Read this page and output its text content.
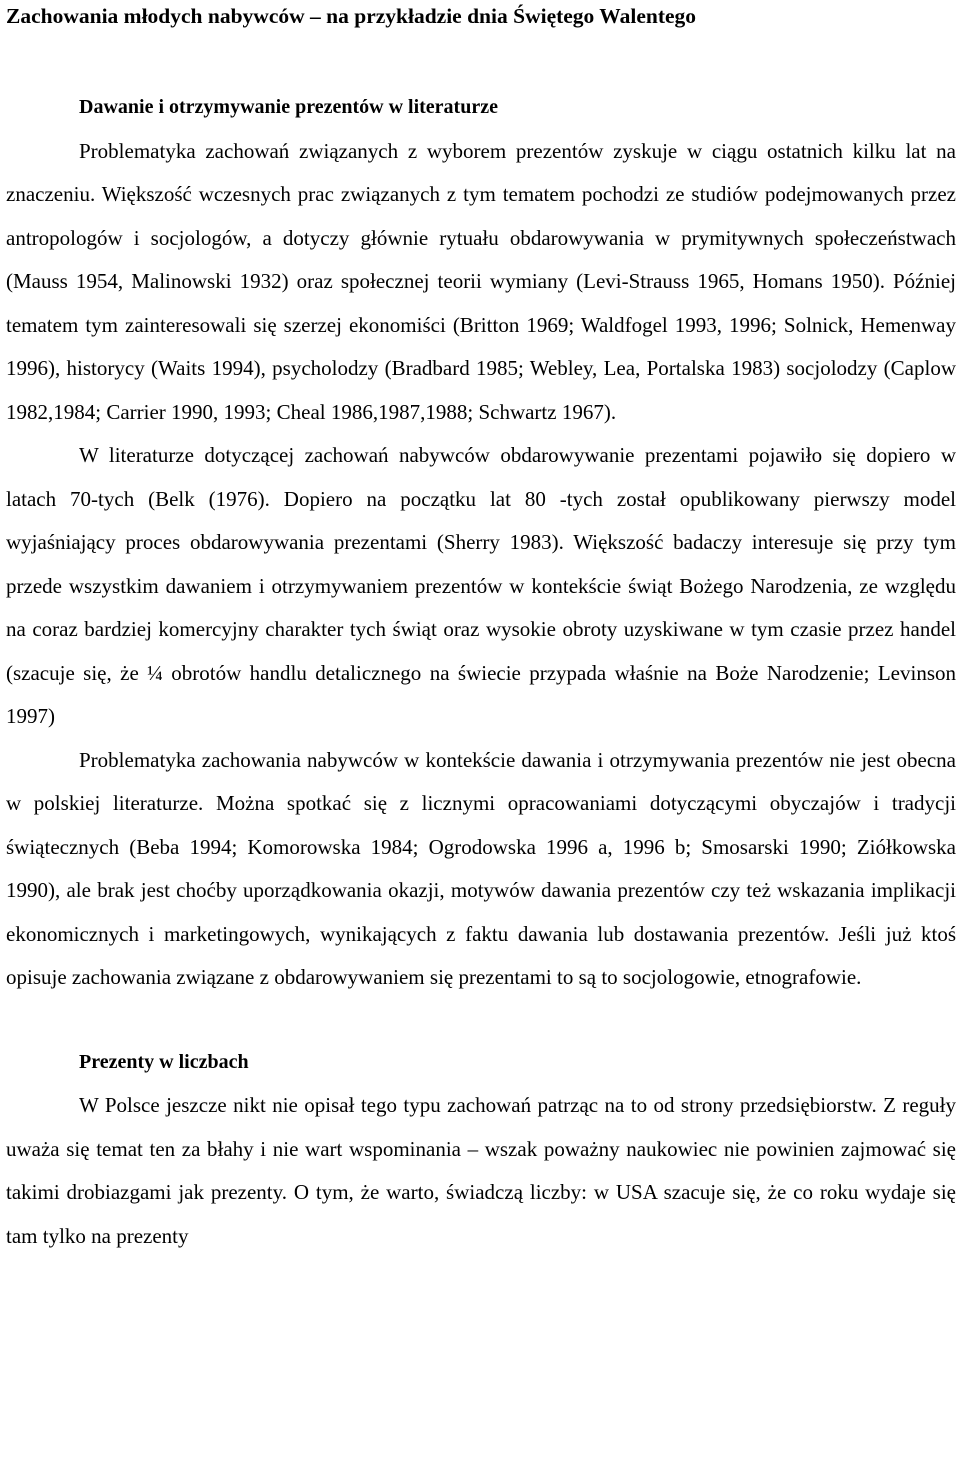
Zachowania młodych nabywców – na przykładzie dnia Świętego Walentego
Dawanie i otrzymywanie prezentów w literaturze

Problematyka zachowań związanych z wyborem prezentów zyskuje w ciągu ostatnich kilku lat na znaczeniu. Większość wczesnych prac związanych z tym tematem pochodzi ze studiów podejmowanych przez antropologów i socjologów, a dotyczy głównie rytuału obdarowywania w prymitywnych społeczeństwach (Mauss 1954, Malinowski 1932) oraz społecznej teorii wymiany (Levi-Strauss 1965, Homans 1950). Później tematem tym zainteresowali się szerzej ekonomiści (Britton 1969; Waldfogel 1993, 1996; Solnick, Hemenway 1996), historycy (Waits 1994), psycholodzy (Bradbard 1985; Webley, Lea, Portalska 1983) socjolodzy (Caplow 1982,1984; Carrier 1990, 1993; Cheal 1986,1987,1988; Schwartz 1967).

W literaturze dotyczącej zachowań nabywców obdarowywanie prezentami pojawiło się dopiero w latach 70-tych (Belk (1976). Dopiero na początku lat 80 -tych został opublikowany pierwszy model wyjaśniający proces obdarowywania prezentami (Sherry 1983). Większość badaczy interesuje się przy tym przede wszystkim dawaniem i otrzymywaniem prezentów w kontekście świąt Bożego Narodzenia, ze względu na coraz bardziej komercyjny charakter tych świąt oraz wysokie obroty uzyskiwane w tym czasie przez handel (szacuje się, że ¼ obrotów handlu detalicznego na świecie przypada właśnie na Boże Narodzenie; Levinson 1997)

Problematyka zachowania nabywców w kontekście dawania i otrzymywania prezentów nie jest obecna w polskiej literaturze. Można spotkać się z licznymi opracowaniami dotyczącymi obyczajów i tradycji świątecznych (Beba 1994; Komorowska 1984; Ogrodowska 1996 a, 1996 b; Smosarski 1990; Ziółkowska 1990), ale brak jest choćby uporządkowania okazji, motywów dawania prezentów czy też wskazania implikacji ekonomicznych i marketingowych, wynikających z faktu dawania lub dostawania prezentów. Jeśli już ktoś opisuje zachowania związane z obdarowywaniem się prezentami to są to socjologowie, etnografowie.

Prezenty w liczbach

W Polsce jeszcze nikt nie opisał tego typu zachowań patrząc na to od strony przedsiębiorstw. Z reguły uważa się temat ten za błahy i nie wart wspominania – wszak poważny naukowiec nie powinien zajmować się takimi drobiazgami jak prezenty. O tym, że warto, świadczą liczby: w USA szacuje się, że co roku wydaje się tam tylko na prezenty
